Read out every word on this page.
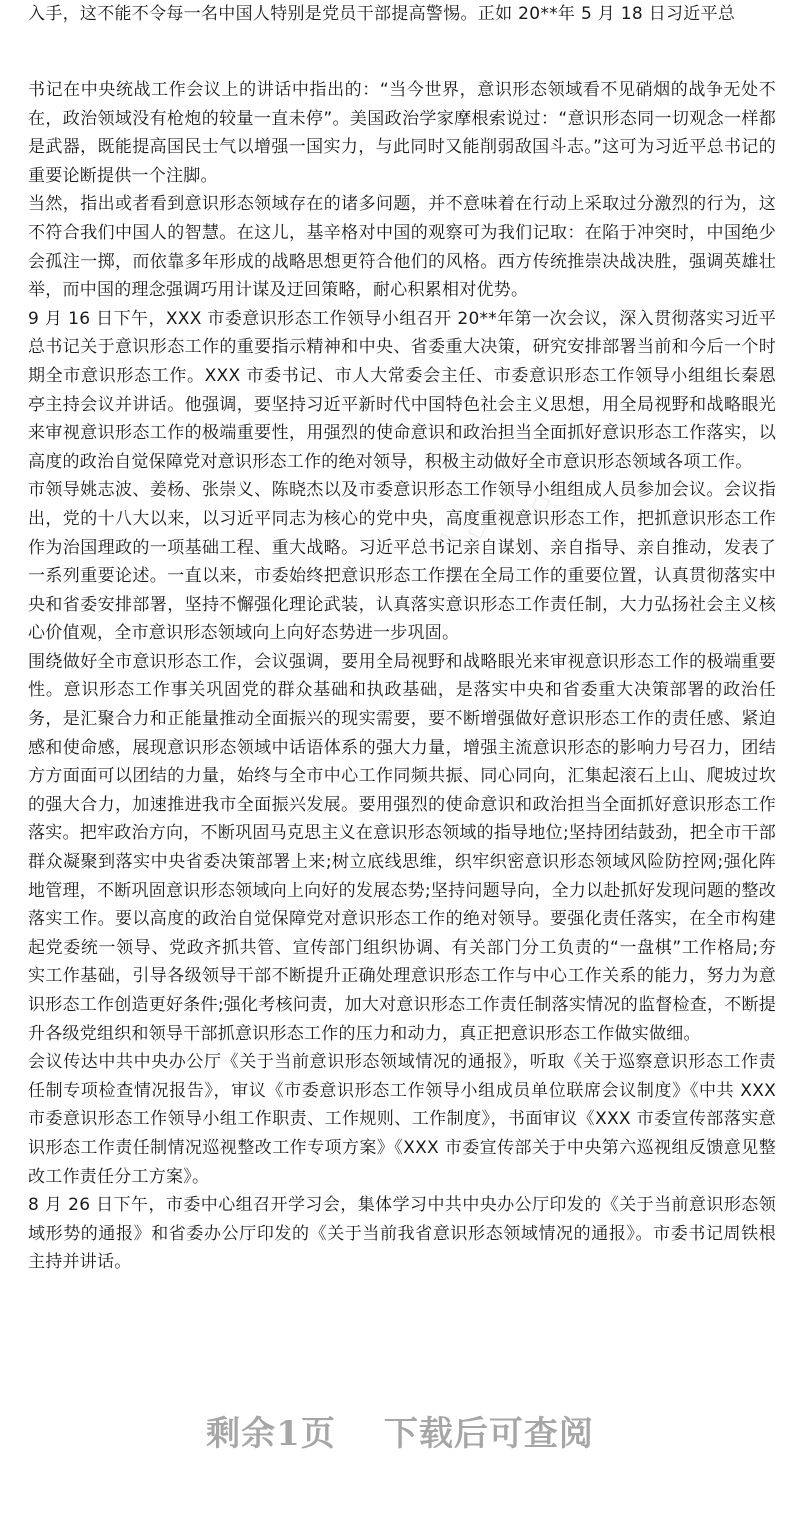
入手，这不能不令每一名中国人特别是党员干部提高警惕。正如 20**年 5 月 18 日习近平总
◇ ◇ ◇ ◇ ◇

书记在中央统战工作会议上的讲话中指出的：“当今世界，意识形态领域看不见硝烟的战争无处不在，政治领域没有枪炮的较量一直未停”。美国政治学家摩根索说过：“意识形态同一切观念一样都是武器，既能提高国民士气以增强一国实力，与此同时又能削弱敌国斗志。”这可为习近平总书记的重要论断提供一个注脚。

当然，指出或者看到意识形态领域存在的诸多问题，并不意味着在行动上采取过分激烈的行为，这不符合我们中国人的智慧。在这儿，基辛格对中国的观察可为我们记取：在陷于冲突时，中国绝少会孤注一掷，而依靠多年形成的战略思想更符合他们的风格。西方传统推崇决战决胜，强调英雄壮举，而中国的理念强调巧用计谋及迂回策略，耐心积累相对优势。

9 月 16 日下午，XXX 市委意识形态工作领导小组召开 20**年第一次会议，深入贯彻落实习近平总书记关于意识形态工作的重要指示精神和中央、省委重大决策，研究安排部署当前和今后一个时期全市意识形态工作。XXX 市委书记、市人大常委会主任、市委意识形态工作领导小组组长秦恩亭主持会议并讲话。他强调，要坚持习近平新时代中国特色社会主义思想，用全局视野和战略眼光来审视意识形态工作的极端重要性，用强烈的使命意识和政治担当全面抓好意识形态工作落实，以高度的政治自觉保障党对意识形态工作的绝对领导，积极主动做好全市意识形态领域各项工作。

市领导姚志波、姜杨、张崇义、陈晓杰以及市委意识形态工作领导小组组成人员参加会议。会议指出，党的十八大以来，以习近平同志为核心的党中央，高度重视意识形态工作，把抓意识形态工作作为治国理政的一项基础工程、重大战略。习近平总书记亲自谋划、亲自指导、亲自推动，发表了一系列重要论述。一直以来，市委始终把意识形态工作摆在全局工作的重要位置，认真贯彻落实中央和省委安排部署，坚持不懈强化理论武装，认真落实意识形态工作责任制，大力弘扬社会主义核心价值观，全市意识形态领域向上向好态势进一步巩固。

围绕做好全市意识形态工作，会议强调，要用全局视野和战略眼光来审视意识形态工作的极端重要性。意识形态工作事关巩固党的群众基础和执政基础，是落实中央和省委重大决策部署的政治任务，是汇聚合力和正能量推动全面振兴的现实需要，要不断增强做好意识形态工作的责任感、紧迫感和使命感，展现意识形态领域中话语体系的强大力量，增强主流意识形态的影响力号召力，团结方方面面可以团结的力量，始终与全市中心工作同频共振、同心同向，汇集起滚石上山、爬坡过坎的强大合力，加速推进我市全面振兴发展。要用强烈的使命意识和政治担当全面抓好意识形态工作落实。把牢政治方向，不断巩固马克思主义在意识形态领域的指导地位;坚持团结鼓劲，把全市干部群众凝聚到落实中央省委决策部署上来;树立底线思维，织牢织密意识形态领域风险防控网;强化阵地管理，不断巩固意识形态领域向上向好的发展态势;坚持问题导向，全力以赴抓好发现问题的整改落实工作。要以高度的政治自觉保障党对意识形态工作的绝对领导。要强化责任落实，在全市构建起党委统一领导、党政齐抓共管、宣传部门组织协调、有关部门分工负责的“一盘棋”工作格局;夯实工作基础，引导各级领导干部不断提升正确处理意识形态工作与中心工作关系的能力，努力为意识形态工作创造更好条件;强化考核问责，加大对意识形态工作责任制落实情况的监督检查，不断提升各级党组织和领导干部抓意识形态工作的压力和动力，真正把意识形态工作做实做细。

会议传达中共中央办公厅《关于当前意识形态领域情况的通报》，听取《关于巡察意识形态工作责任制专项检查情况报告》，审议《市委意识形态工作领导小组成员单位联席会议制度》《中共 XXX 市委意识形态工作领导小组工作职责、工作规则、工作制度》，书面审议《XXX 市委宣传部落实意识形态工作责任制情况巡视整改工作专项方案》《XXX 市委宣传部关于中央第六巡视组反馈意见整改工作责任分工方案》。

8 月 26 日下午，市委中心组召开学习会，集体学习中共中央办公厅印发的《关于当前意识形态领域形势的通报》和省委办公厅印发的《关于当前我省意识形态领域情况的通报》。市委书记周铁根主持并讲话。

剩余1页 下载后可查阅
